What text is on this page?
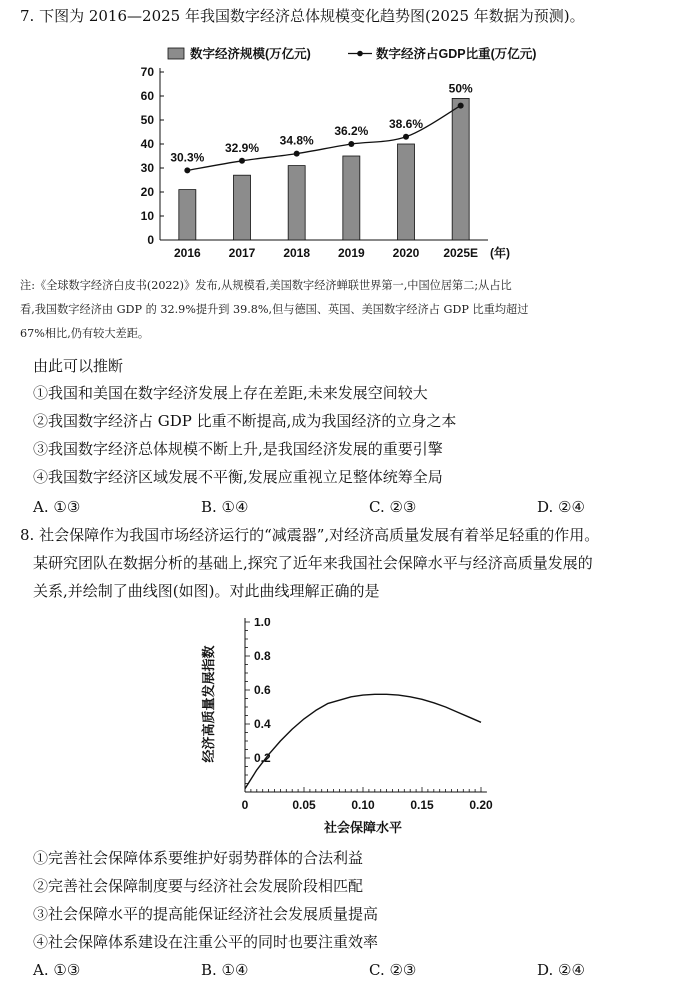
7. 下图为 2016—2025 年我国数字经济总体规模变化趋势图(2025 年数据为预测)。
数字经济规模(万亿元)	数字经济占GDP比重(万亿元)
0
10
20
30
40
50
60
70
30.3%
32.9%
34.8%
36.2%
38.6%
50%
2016 2017 2018 2019 2020 2025E (年)
注:《全球数字经济白皮书(2022)》发布,从规模看,美国数字经济蝉联世界第一,中国位居第二;从占比
看,我国数字经济由 GDP 的 32.9%提升到 39.8%,但与德国、英国、美国数字经济占 GDP 比重均超过
67%相比,仍有较大差距。
由此可以推断
①我国和美国在数字经济发展上存在差距,未来发展空间较大
②我国数字经济占 GDP 比重不断提高,成为我国经济的立身之本
③我国数字经济总体规模不断上升,是我国经济发展的重要引擎
④我国数字经济区域发展不平衡,发展应重视立足整体统筹全局
A. ①③	B. ①④	C. ②③	D. ②④
8. 社会保障作为我国市场经济运行的“减震器”,对经济高质量发展有着举足轻重的作用。
某研究团队在数据分析的基础上,探究了近年来我国社会保障水平与经济高质量发展的
关系,并绘制了曲线图(如图)。对此曲线理解正确的是
0	0.05	0.10	0.15	0.20
0.2
0.4
0.6
0.8
1.0
社会保障水平
经济高质量发展指数
①完善社会保障体系要维护好弱势群体的合法利益
②完善社会保障制度要与经济社会发展阶段相匹配
③社会保障水平的提高能保证经济社会发展质量提高
④社会保障体系建设在注重公平的同时也要注重效率
A. ①③	B. ①④	C. ②③	D. ②④
